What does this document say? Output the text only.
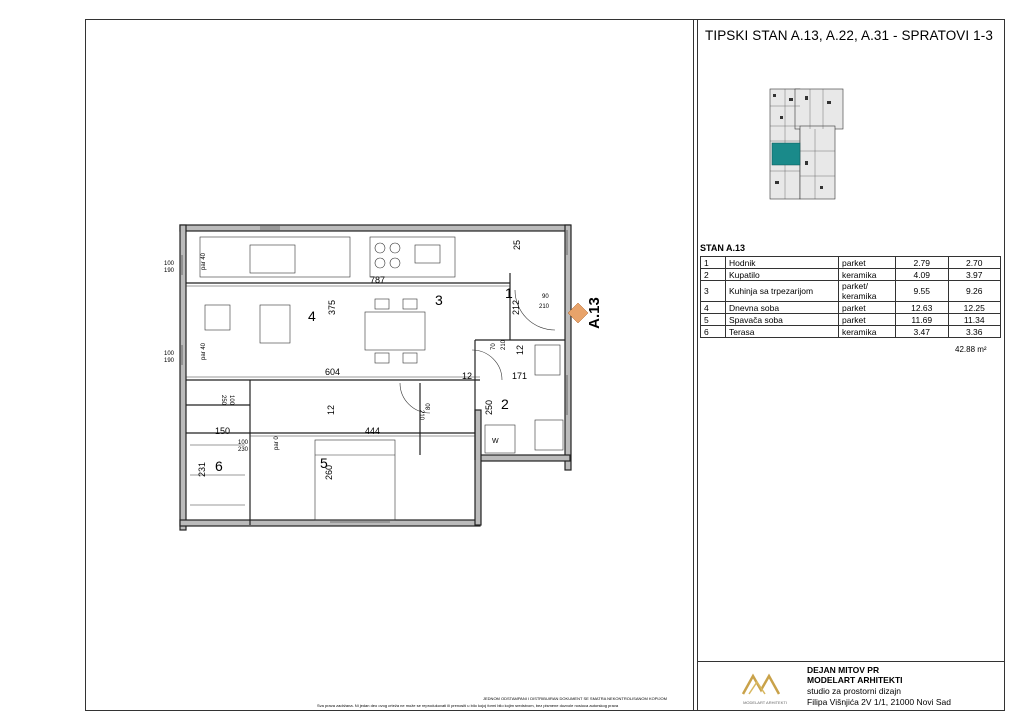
TIPSKI STAN A.13, A.22, A.31 - SPRATOVI 1-3
A.13
1
2
3
4
5
6
787
604
444
150
375
250
231	260
212
171
12
12
12
25
90
210
70 210
80
210
100
190
100
190
100
230
par 40
par 40
par 0
250 100
W
STAN A.13
1	Hodnik	parket	2.79	2.70
2	Kupatilo	keramika	4.09	3.97
3	Kuhinja sa trpezarijom	parket/ keramika	9.55	9.26
4	Dnevna soba	parket	12.63	12.25
5	Spavača soba	parket	11.69	11.34
6	Terasa	keramika	3.47	3.36
42.88 m²
MODELART ARHITEKTI
DEJAN MITOV PR
MODELART ARHITEKTI
studio za prostorni dizajn
Filipa Višnjića 2V 1/1, 21000 Novi Sad
JEDNOM ODSTAMPANI I DISTRIBUIRAN DOKUMENT SE SMATRA NEKONTROLISANOM KOPIJOM
Sva prava zadržana. Ni jedan deo ovog crteža ne može se reprodukovati ili prenositi u bilo kojoj formi bilo kojim sredstvom, bez pismene dozvole nosioca autorskog prava
